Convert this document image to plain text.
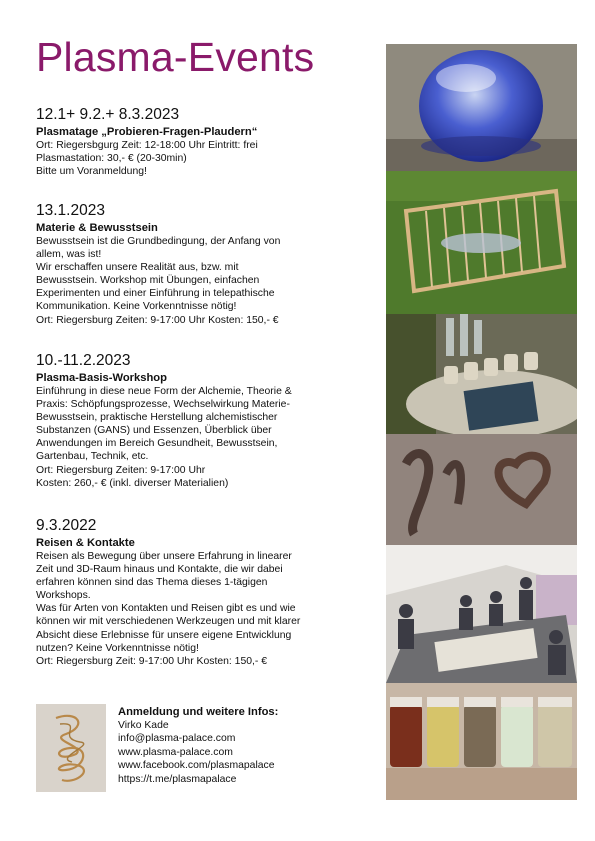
Plasma-Events
12.1+ 9.2.+ 8.3.2023
Plasmatage „Probieren-Fragen-Plaudern“
Ort: Riegersbgurg Zeit: 12-18:00 Uhr Eintritt: frei
Plasmastation: 30,- € (20-30min)
Bitte um Voranmeldung!
13.1.2023
Materie & Bewusstsein
Bewusstsein ist die Grundbedingung, der Anfang von
allem, was ist!
Wir erschaffen unsere Realität aus, bzw. mit
Bewusstsein. Workshop mit Übungen, einfachen
Experimenten und einer Einführung in telepathische
Kommunikation. Keine Vorkenntnisse nötig!
Ort: Riegersburg Zeiten: 9-17:00 Uhr Kosten: 150,- €
10.-11.2.2023
Plasma-Basis-Workshop
Einführung in diese neue Form der Alchemie, Theorie &
Praxis: Schöpfungsprozesse, Wechselwirkung Materie-
Bewusstsein, praktische Herstellung alchemistischer
Substanzen (GANS) und Essenzen, Überblick über
Anwendungen im Bereich Gesundheit, Bewusstsein,
Gartenbau, Technik, etc.
Ort: Riegersburg Zeiten: 9-17:00 Uhr
Kosten: 260,- € (inkl. diverser Materialien)
9.3.2022
Reisen & Kontakte
Reisen als Bewegung über unsere Erfahrung in linearer
Zeit und 3D-Raum hinaus und Kontakte, die wir dabei
erfahren können sind das Thema dieses 1-tägigen
Workshops.
Was für Arten von Kontakten und Reisen gibt es und wie
können wir mit verschiedenen Werkzeugen und mit klarer
Absicht diese Erlebnisse für unsere eigene Entwicklung
nutzen? Keine Vorkenntnisse nötig!
Ort: Riegersburg Zeit: 9-17:00 Uhr Kosten: 150,- €
Anmeldung und weitere Infos:
Virko Kade
info@plasma-palace.com
www.plasma-palace.com
www.facebook.com/plasmapalace
https://t.me/plasmapalace
